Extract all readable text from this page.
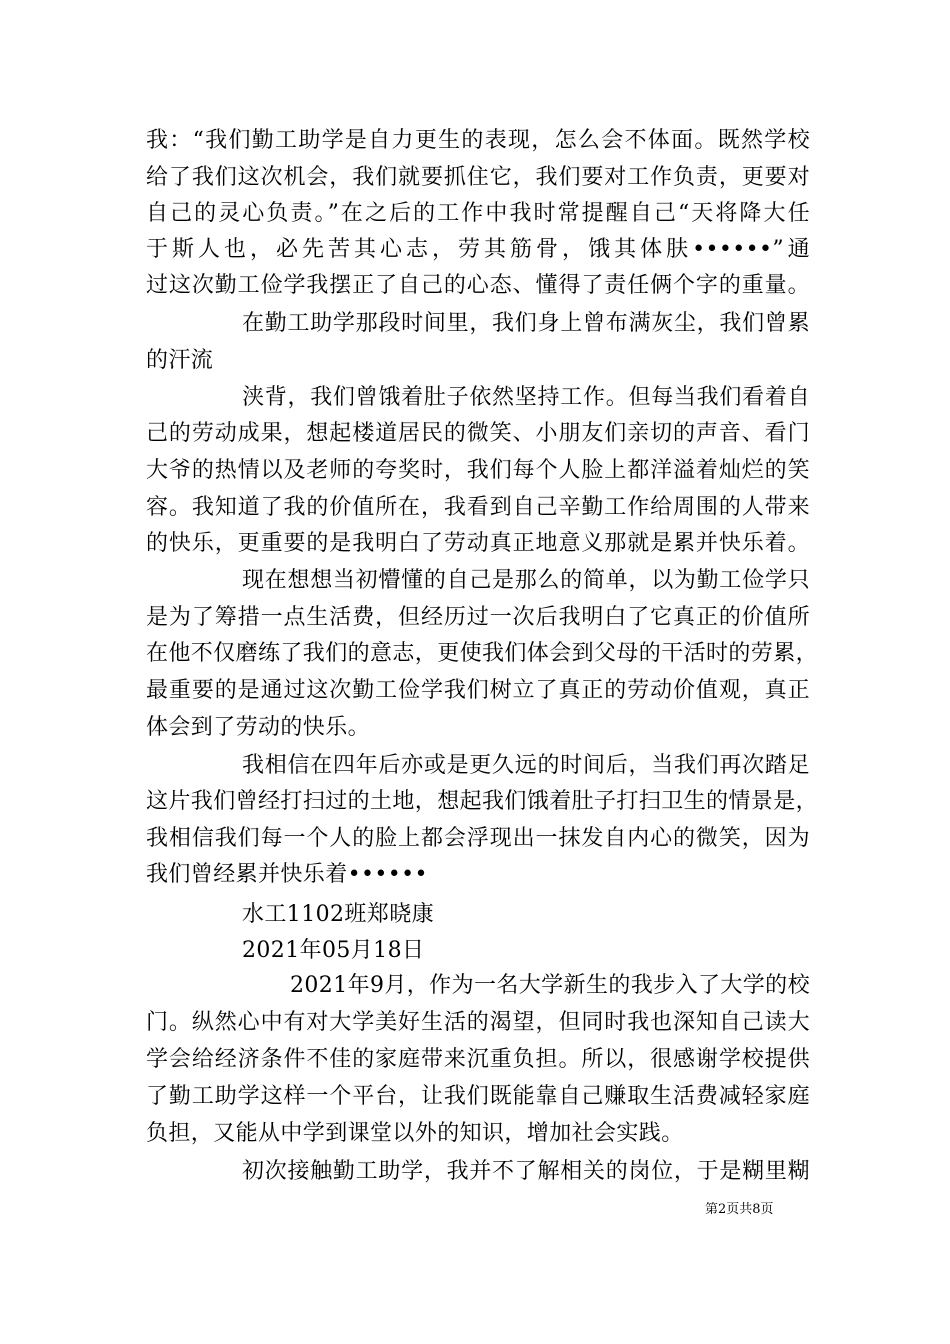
我：“我们勤工助学是自力更生的表现，怎么会不体面。既然学校
给了我们这次机会，我们就要抓住它，我们要对工作负责，更要对
自己的灵心负责。”在之后的工作中我时常提醒自己“天将降大任
于斯人也，必先苦其心志，劳其筋骨，饿其体肤••••••”通
过这次勤工俭学我摆正了自己的心态、懂得了责任俩个字的重量。
在勤工助学那段时间里，我们身上曾布满灰尘，我们曾累
的汗流
浃背，我们曾饿着肚子依然坚持工作。但每当我们看着自
己的劳动成果，想起楼道居民的微笑、小朋友们亲切的声音、看门
大爷的热情以及老师的夸奖时，我们每个人脸上都洋溢着灿烂的笑
容。我知道了我的价值所在，我看到自己辛勤工作给周围的人带来
的快乐，更重要的是我明白了劳动真正地意义那就是累并快乐着。
现在想想当初懵懂的自己是那么的简单，以为勤工俭学只
是为了筹措一点生活费，但经历过一次后我明白了它真正的价值所
在他不仅磨练了我们的意志，更使我们体会到父母的干活时的劳累，
最重要的是通过这次勤工俭学我们树立了真正的劳动价值观，真正
体会到了劳动的快乐。
我相信在四年后亦或是更久远的时间后，当我们再次踏足
这片我们曾经打扫过的土地，想起我们饿着肚子打扫卫生的情景是，
我相信我们每一个人的脸上都会浮现出一抹发自内心的微笑，因为
我们曾经累并快乐着••••••
水工1102班郑晓康
2021年05月18日
2021年9月，作为一名大学新生的我步入了大学的校
门。纵然心中有对大学美好生活的渴望，但同时我也深知自己读大
学会给经济条件不佳的家庭带来沉重负担。所以，很感谢学校提供
了勤工助学这样一个平台，让我们既能靠自己赚取生活费减轻家庭
负担，又能从中学到课堂以外的知识，增加社会实践。
初次接触勤工助学，我并不了解相关的岗位，于是糊里糊
第2页共8页
